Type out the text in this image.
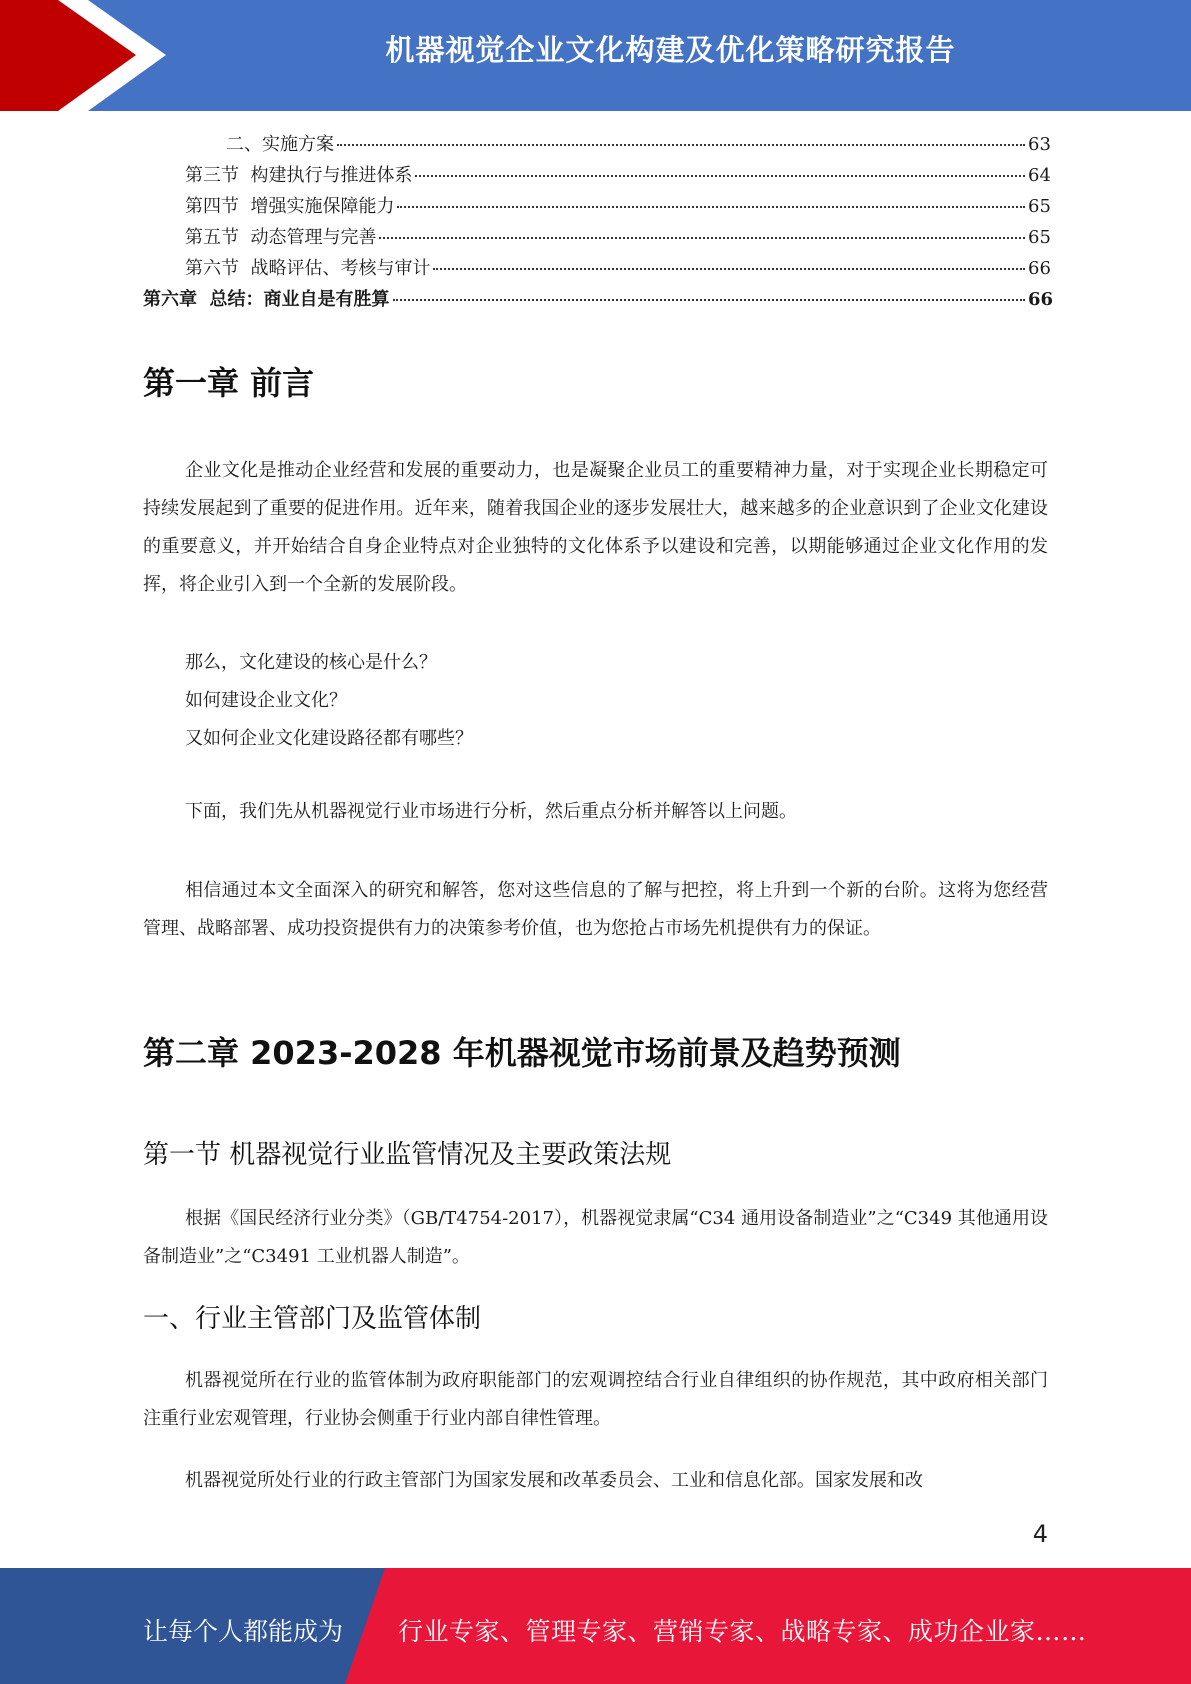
机器视觉企业文化构建及优化策略研究报告
二、实施方案	63
第三节  构建执行与推进体系	64
第四节  增强实施保障能力	65
第五节  动态管理与完善	65
第六节  战略评估、考核与审计	66
第六章  总结：商业自是有胜算	66
第一章 前言

企业文化是推动企业经营和发展的重要动力，也是凝聚企业员工的重要精神力量，对于实现企业长期稳定可持续发展起到了重要的促进作用。近年来，随着我国企业的逐步发展壮大，越来越多的企业意识到了企业文化建设的重要意义，并开始结合自身企业特点对企业独特的文化体系予以建设和完善，以期能够通过企业文化作用的发挥，将企业引入到一个全新的发展阶段。

那么，文化建设的核心是什么？
如何建设企业文化？
又如何企业文化建设路径都有哪些？

下面，我们先从机器视觉行业市场进行分析，然后重点分析并解答以上问题。

相信通过本文全面深入的研究和解答，您对这些信息的了解与把控，将上升到一个新的台阶。这将为您经营管理、战略部署、成功投资提供有力的决策参考价值，也为您抢占市场先机提供有力的保证。

第二章 2023-2028 年机器视觉市场前景及趋势预测
第一节 机器视觉行业监管情况及主要政策法规

根据《国民经济行业分类》（GB/T4754-2017），机器视觉隶属“C34 通用设备制造业”之“C349 其他通用设备制造业”之“C3491 工业机器人制造”。

一、行业主管部门及监管体制

机器视觉所在行业的监管体制为政府职能部门的宏观调控结合行业自律组织的协作规范，其中政府相关部门注重行业宏观管理，行业协会侧重于行业内部自律性管理。

机器视觉所处行业的行政主管部门为国家发展和改革委员会、工业和信息化部。国家发展和改

4
让每个人都能成为 行业专家、管理专家、营销专家、战略专家、成功企业家……
